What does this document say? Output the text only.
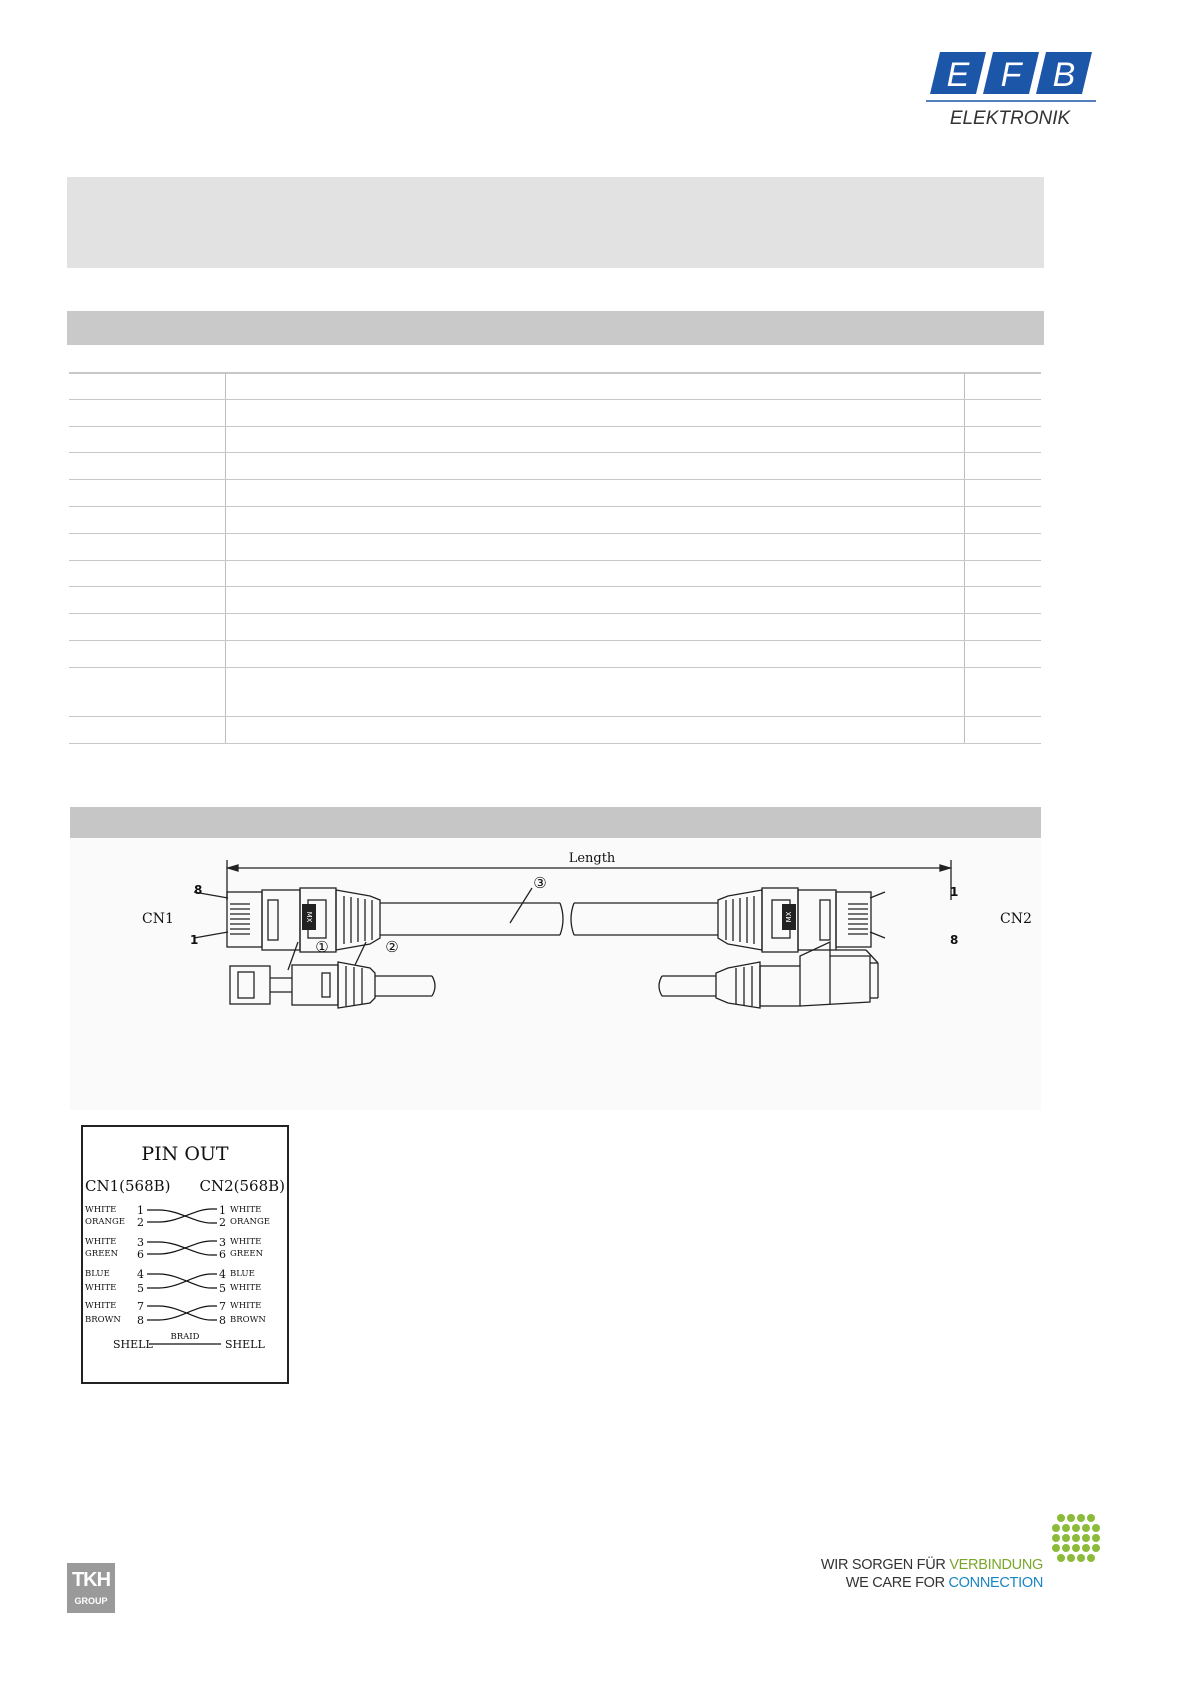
E F B
ELEKTRONIK
MX	MX
Length
CN1	CN2
8
1
1
8
③
①	②
PIN OUT
CN1(568B) CN2(568B)
WHITE
ORANGE
1
2
1
2
WHITE
ORANGE
WHITE
GREEN
3
6
3
6
WHITE
GREEN
BLUE
WHITE
4
5
4
5
BLUE
WHITE
WHITE
BROWN
7
8
7
8
WHITE
BROWN
SHELL
BRAID
SHELL
TKH
GROUP
WIR SORGEN FÜR VERBINDUNG
WE CARE FOR CONNECTION
